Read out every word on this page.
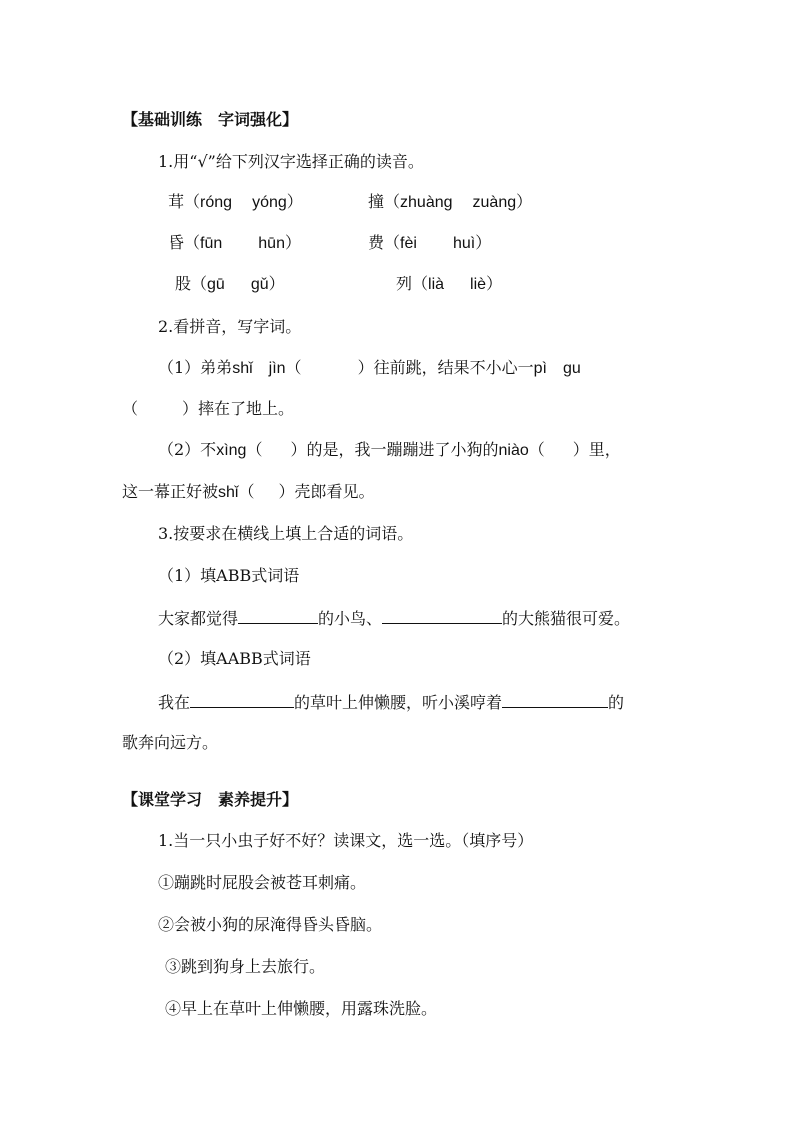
【基础训练　字词强化】
1.用“√”给下列汉字选择正确的读音。
茸（róng yóng）	撞（zhuàng zuàng）
昏（fūn hūn）	费（fèi huì）
股（gū gǔ）	列（lià liè）
2.看拼音，写字词。
（1）弟弟shǐ　jìn（	）往前跳，结果不小心一pì　gu
（	）摔在了地上。
（2）不xìng（ ）的是，我一蹦蹦进了小狗的niào（ ）里，
这一幕正好被shǐ（ ）壳郎看见。
3.按要求在横线上填上合适的词语。
（1）填ABB式词语
大家都觉得	的小鸟、	的大熊猫很可爱。
（2）填AABB式词语
我在	的草叶上伸懒腰，听小溪哼着	的
歌奔向远方。
【课堂学习　素养提升】
1.当一只小虫子好不好？读课文，选一选。（填序号）
①蹦跳时屁股会被苍耳刺痛。
②会被小狗的尿淹得昏头昏脑。
③跳到狗身上去旅行。
④早上在草叶上伸懒腰，用露珠洗脸。
